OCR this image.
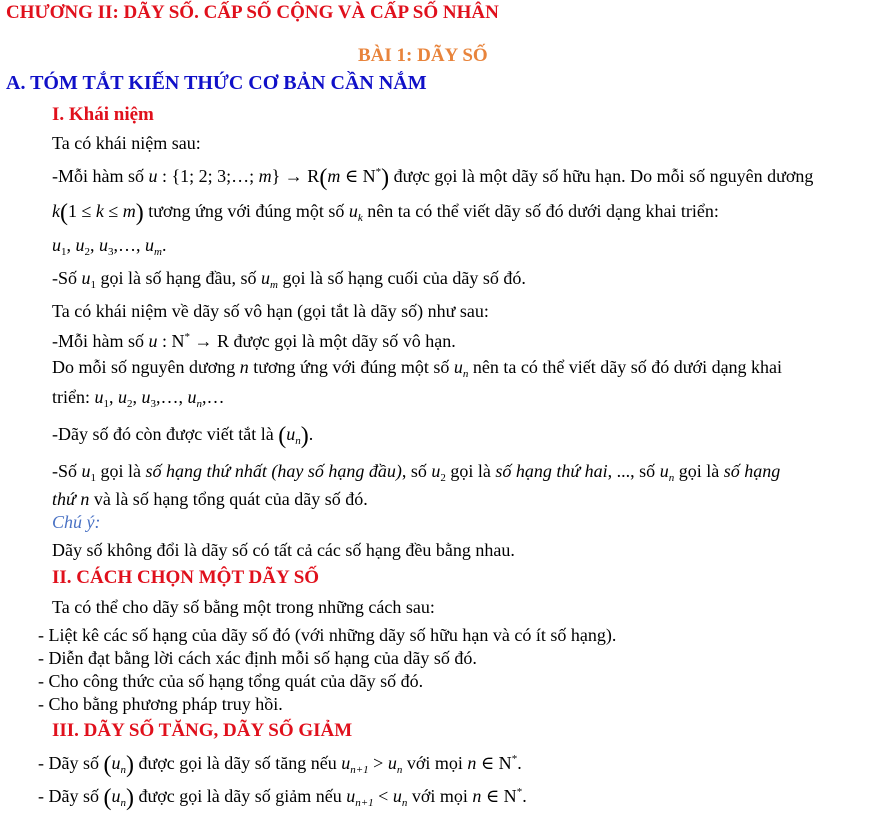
CHƯƠNG II: DÃY SỐ. CẤP SỐ CỘNG VÀ CẤP SỐ NHÂN
BÀI 1: DÃY SỐ
A. TÓM TẮT KIẾN THỨC CƠ BẢN CẦN NẮM
I. Khái niệm
Ta có khái niệm sau:
-Mỗi hàm số u : {1; 2; 3;…; m} → R(m ∈ N*) được gọi là một dãy số hữu hạn. Do mỗi số nguyên dương
k(1 ≤ k ≤ m) tương ứng với đúng một số $u_k$ nên ta có thể viết dãy số đó dưới dạng khai triển:
$u_1$, $u_2$, $u_3,\dots$, $u_m$.
-Số $u_1$ gọi là số hạng đầu, số $u_m$ gọi là số hạng cuối của dãy số đó.
Ta có khái niệm về dãy số vô hạn (gọi tắt là dãy số) như sau:
-Mỗi hàm số u : N* → R được gọi là một dãy số vô hạn.
Do mỗi số nguyên dương n tương ứng với đúng một số $u_n$ nên ta có thể viết dãy số đó dưới dạng khai
triển: $u_1$, $u_2$, $u_3,\dots$, $u_n,\dots$
-Dãy số đó còn được viết tắt là $(u_n)$.
-Số $u_1$ gọi là số hạng thứ nhất (hay số hạng đầu), số $u_2$ gọi là số hạng thứ hai, ..., số $u_n$ gọi là số hạng
thứ n và là số hạng tổng quát của dãy số đó.
Chú ý:
Dãy số không đổi là dãy số có tất cả các số hạng đều bằng nhau.
II. CÁCH CHỌN MỘT DÃY SỐ
Ta có thể cho dãy số bằng một trong những cách sau:
- Liệt kê các số hạng của dãy số đó (với những dãy số hữu hạn và có ít số hạng).
- Diễn đạt bằng lời cách xác định mỗi số hạng của dãy số đó.
- Cho công thức của số hạng tổng quát của dãy số đó.
- Cho bằng phương pháp truy hồi.
III. DÃY SỐ TĂNG, DÃY SỐ GIẢM
- Dãy số $(u_n)$ được gọi là dãy số tăng nếu $u_{n+1} > u_n$ với mọi n ∈ N*.
- Dãy số $(u_n)$ được gọi là dãy số giảm nếu $u_{n+1} < u_n$ với mọi n ∈ N*.
